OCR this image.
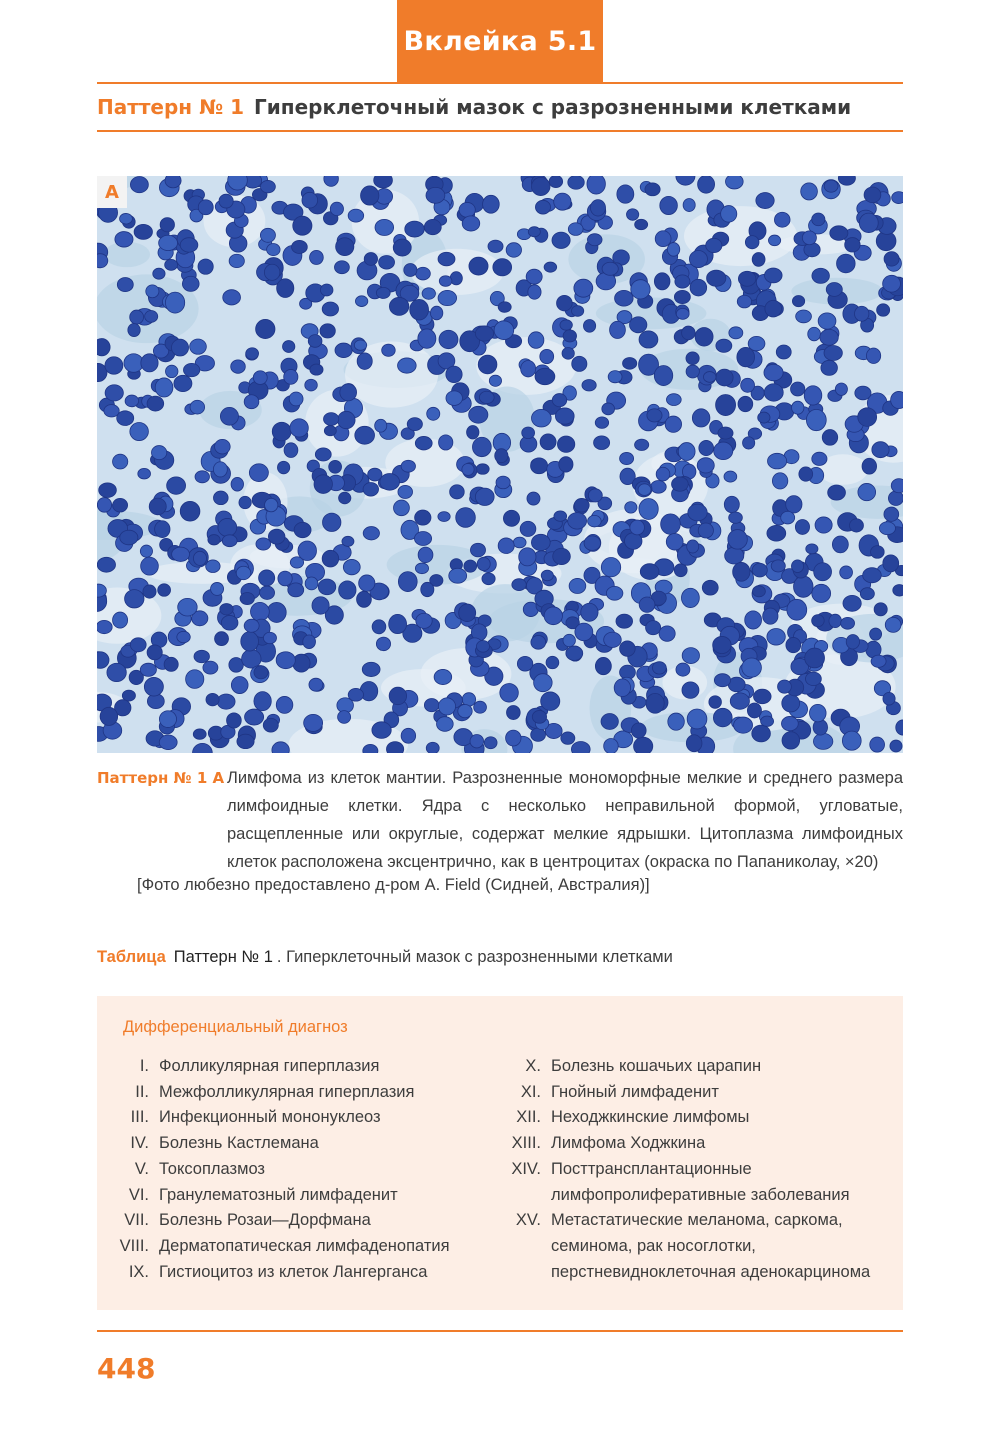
Вклейка 5.1
Паттерн № 1 Гиперклеточный мазок с разрозненными клетками
А
Паттерн № 1 А Лимфома из клеток мантии. Разрозненные мономорфные мелкие и среднего размера лимфоидные клетки. Ядра с несколько неправильной формой, угловатые, расщепленные или округлые, содержат мелкие ядрышки. Цитоплазма лимфоидных клеток расположена эксцентрично, как в центроцитах (окраска по Папаниколау, ×20)
[Фото любезно предоставлено д-ром A. Field (Сидней, Австралия)]
Таблица Паттерн № 1 . Гиперклеточный мазок с разрозненными клетками
Дифференциальный диагноз
I. Фолликулярная гиперплазия
II. Межфолликулярная гиперплазия
III. Инфекционный мононуклеоз
IV. Болезнь Кастлемана
V. Токсоплазмоз
VI. Гранулематозный лимфаденит
VII. Болезнь Розаи—Дорфмана
VIII. Дерматопатическая лимфаденопатия
IX. Гистиоцитоз из клеток Лангерганса
X. Болезнь кошачьих царапин
XI. Гнойный лимфаденит
XII. Неходжкинские лимфомы
XIII. Лимфома Ходжкина
XIV. Посттрансплантационные лимфопролиферативные заболевания
XV. Метастатические меланома, саркома, семинома, рак носоглотки, перстневидноклеточная аденокарцинома
448
